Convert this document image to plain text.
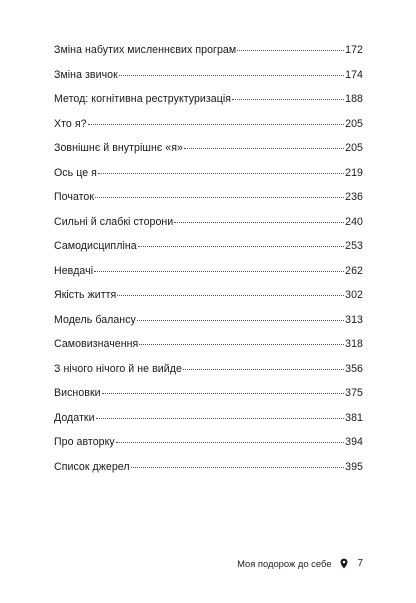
Зміна набутих мисленнєвих програм	172
Зміна звичок	174
Метод: когнітивна реструктуризація	188
Хто я?	205
Зовнішнє й внутрішнє «я»	205
Ось це я	219
Початок	236
Сильні й слабкі сторони	240
Самодисципліна	253
Невдачі	262
Якість життя	302
Модель балансу	313
Самовизначення	318
З нічого нічого й не вийде	356
Висновки	375
Додатки	381
Про авторку	394
Список джерел	395
Моя подорож до себе	7
